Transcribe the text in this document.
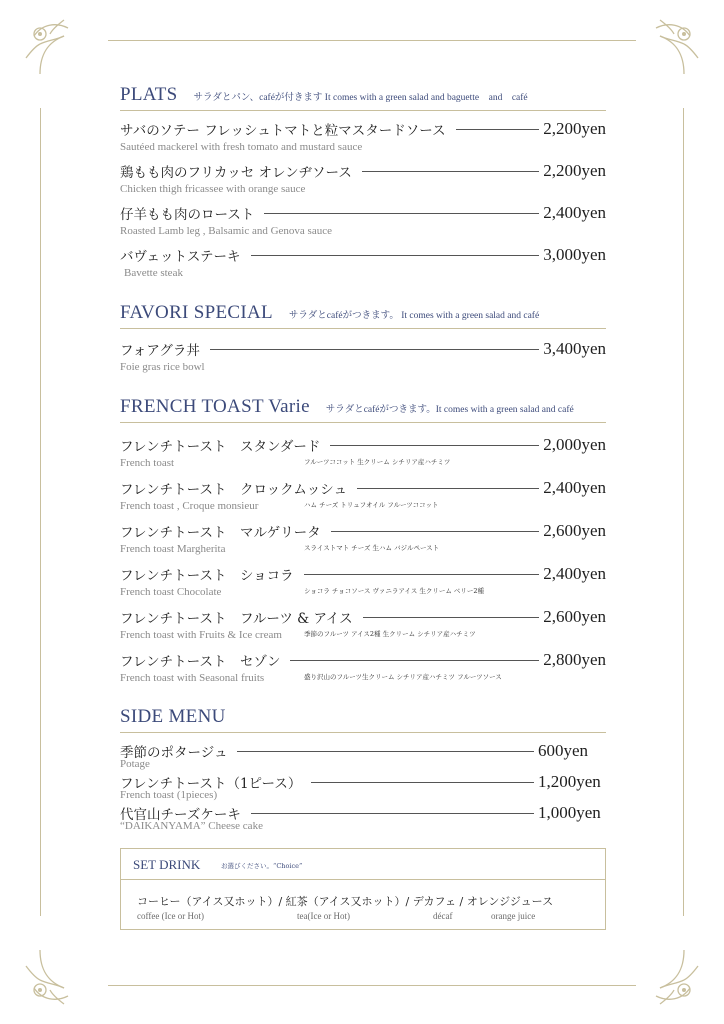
PLATS サラダとパン、caféが付きます It comes with a green salad and baguette　and　café
サバのソテー フレッシュトマトと粒マスタードソース	2,200yen
Sautéed mackerel with fresh tomato and mustard sauce
鶏もも肉のフリカッセ オレンヂソース	2,200yen
Chicken thigh fricassee with orange sauce
仔羊もも肉のロースト	2,400yen
Roasted Lamb leg , Balsamic and Genova sauce
バヴェットステーキ	3,000yen
Bavette steak
FAVORI SPECIAL サラダとcaféがつきます。 It comes with a green salad and café
フォアグラ丼	3,400yen
Foie gras rice bowl
FRENCH TOAST Varie サラダとcaféがつきます。It comes with a green salad and café
フレンチトースト　スタンダード	2,000yen
French toast	フルーツココット 生クリーム シチリア産ハチミツ
フレンチトースト　クロックムッシュ	2,400yen
French toast , Croque monsieur	ハム チーズ トリュフオイル フルーツココット
フレンチトースト　マルゲリータ	2,600yen
French toast Margherita	スライストマト チーズ 生ハム バジルペースト
フレンチトースト　ショコラ	2,400yen
French toast Chocolate	ショコラ チョコソース ヴァニラアイス 生クリーム ベリー2種
フレンチトースト　フルーツ & アイス	2,600yen
French toast with Fruits & Ice cream	季節のフルーツ アイス2種 生クリーム シチリア産ハチミツ
フレンチトースト　セゾン	2,800yen
French toast with Seasonal fruits	盛り沢山のフルーツ生クリーム シチリア産ハチミツ フルーツソース
SIDE MENU
季節のポタージュ	600yen
Potage
フレンチトースト（1ピース）	1,200yen
French toast (1pieces)
代官山チーズケーキ	1,000yen
“DAIKANYAMA” Cheese cake
SET DRINK	お選びください。“Choice”
コーヒー（アイス又ホット）/ 紅茶（アイス又ホット）/ デカフェ / オレンジジュース
coffee (Ice or Hot)	tea(Ice or Hot)	décaf	orange juice
